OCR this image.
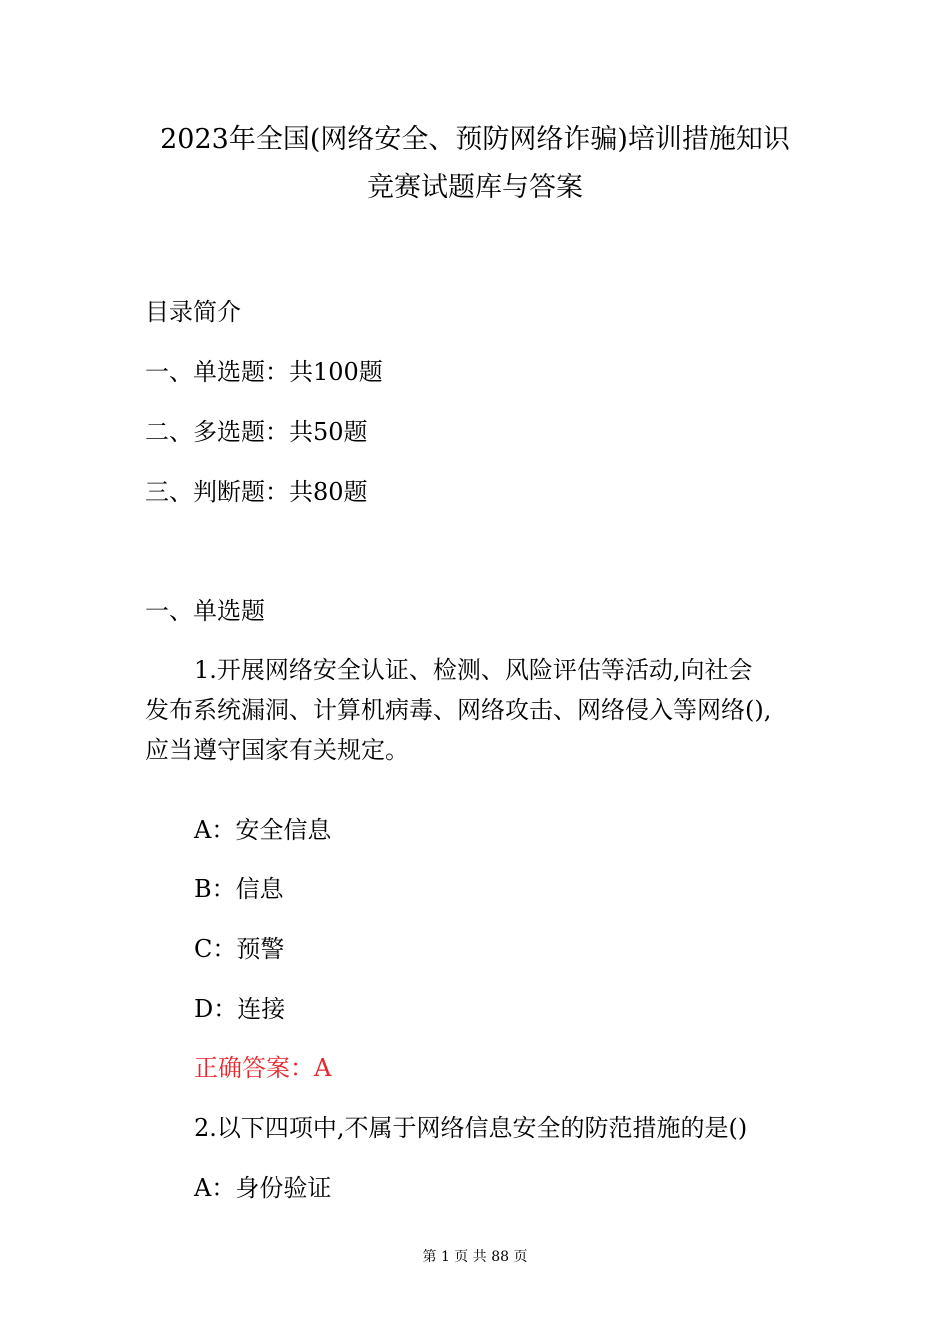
2023年全国(网络安全、预防网络诈骗)培训措施知识
竞赛试题库与答案
目录简介
一、单选题：共100题
二、多选题：共50题
三、判断题：共80题
一、单选题
1.开展网络安全认证、检测、风险评估等活动,向社会
发布系统漏洞、计算机病毒、网络攻击、网络侵入等网络(),
应当遵守国家有关规定。
A：安全信息
B：信息
C：预警
D：连接
正确答案：A
2.以下四项中,不属于网络信息安全的防范措施的是()
A：身份验证
第 1 页 共 88 页
